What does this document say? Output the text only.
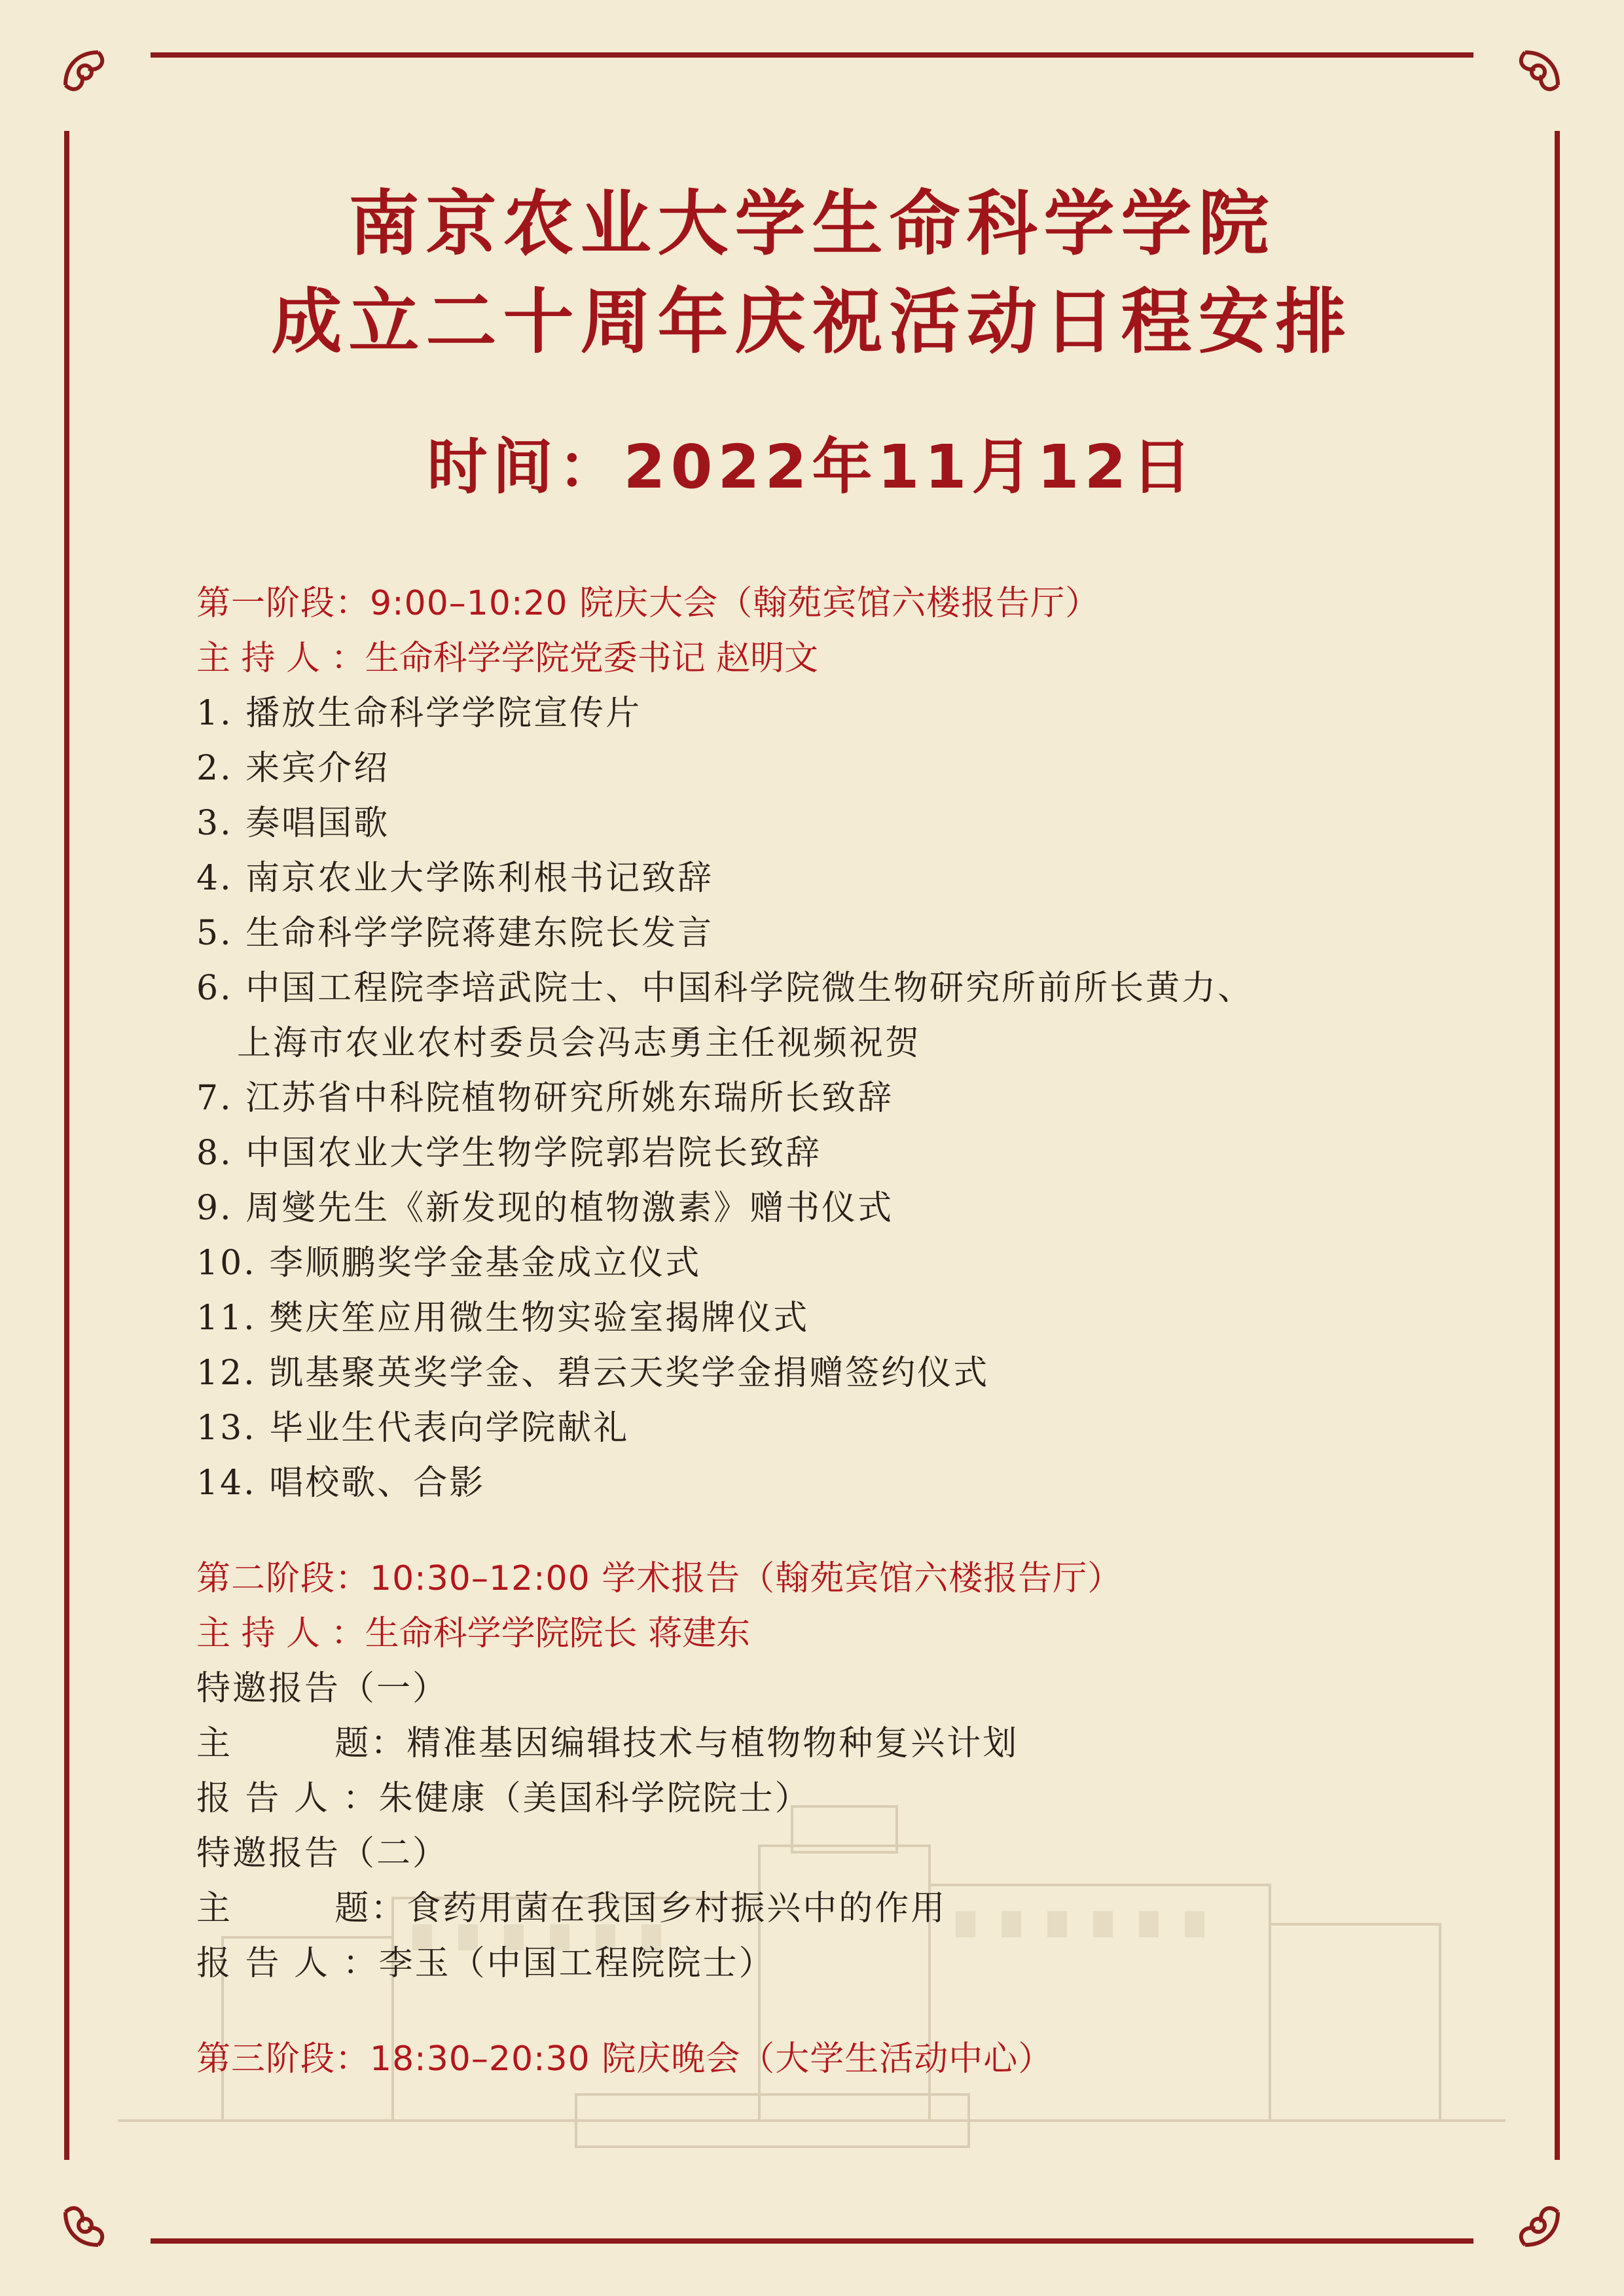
南京农业大学生命科学学院
成立二十周年庆祝活动日程安排
时间：2022年11月12日
第一阶段：9:00–10:20 院庆大会（翰苑宾馆六楼报告厅）
主 持 人 ：生命科学学院党委书记 赵明文
1. 播放生命科学学院宣传片
2. 来宾介绍
3. 奏唱国歌
4. 南京农业大学陈利根书记致辞
5. 生命科学学院蒋建东院长发言
6. 中国工程院李培武院士、中国科学院微生物研究所前所长黄力、
上海市农业农村委员会冯志勇主任视频祝贺
7. 江苏省中科院植物研究所姚东瑞所长致辞
8. 中国农业大学生物学院郭岩院长致辞
9. 周燮先生《新发现的植物激素》赠书仪式
10. 李顺鹏奖学金基金成立仪式
11. 樊庆笙应用微生物实验室揭牌仪式
12. 凯基聚英奖学金、碧云天奖学金捐赠签约仪式
13. 毕业生代表向学院献礼
14. 唱校歌、合影
第二阶段：10:30–12:00 学术报告（翰苑宾馆六楼报告厅）
主 持 人 ：生命科学学院院长 蒋建东
特邀报告（一）
主        题：精准基因编辑技术与植物物种复兴计划
报 告 人 ：朱健康（美国科学院院士）
特邀报告（二）
主        题：食药用菌在我国乡村振兴中的作用
报 告 人 ：李玉（中国工程院院士）
第三阶段：18:30–20:30 院庆晚会（大学生活动中心）
